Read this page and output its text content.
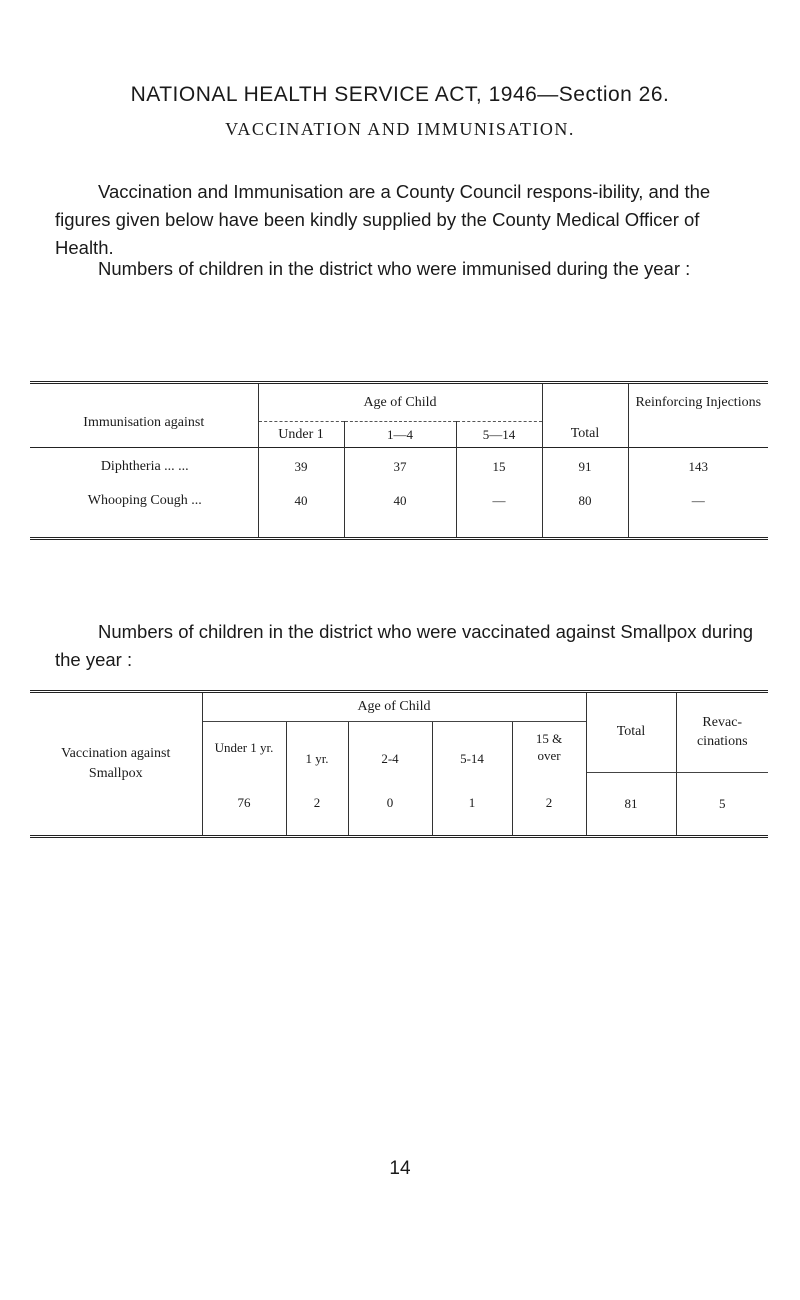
NATIONAL HEALTH SERVICE ACT, 1946—Section 26.
VACCINATION AND IMMUNISATION.

Vaccination and Immunisation are a County Council respons-ibility, and the figures given below have been kindly supplied by the County Medical Officer of Health.

Numbers of children in the district who were immunised during the year :

Immunisation against	Age of Child				Reinforcing Injections
	Under 1	1—4	5—14	Total	
Diphtheria ... ...	39	37	15	91	143
Whooping Cough ...	40	40	—	80	—

Numbers of children in the district who were vaccinated against Smallpox during the year :

Vaccination against Smallpox	Age of Child					Total	Revac-cinations
	Under 1 yr.	1 yr.	2-4	5-14	15 & over		
	76	2	0	1	2	81	5
14
